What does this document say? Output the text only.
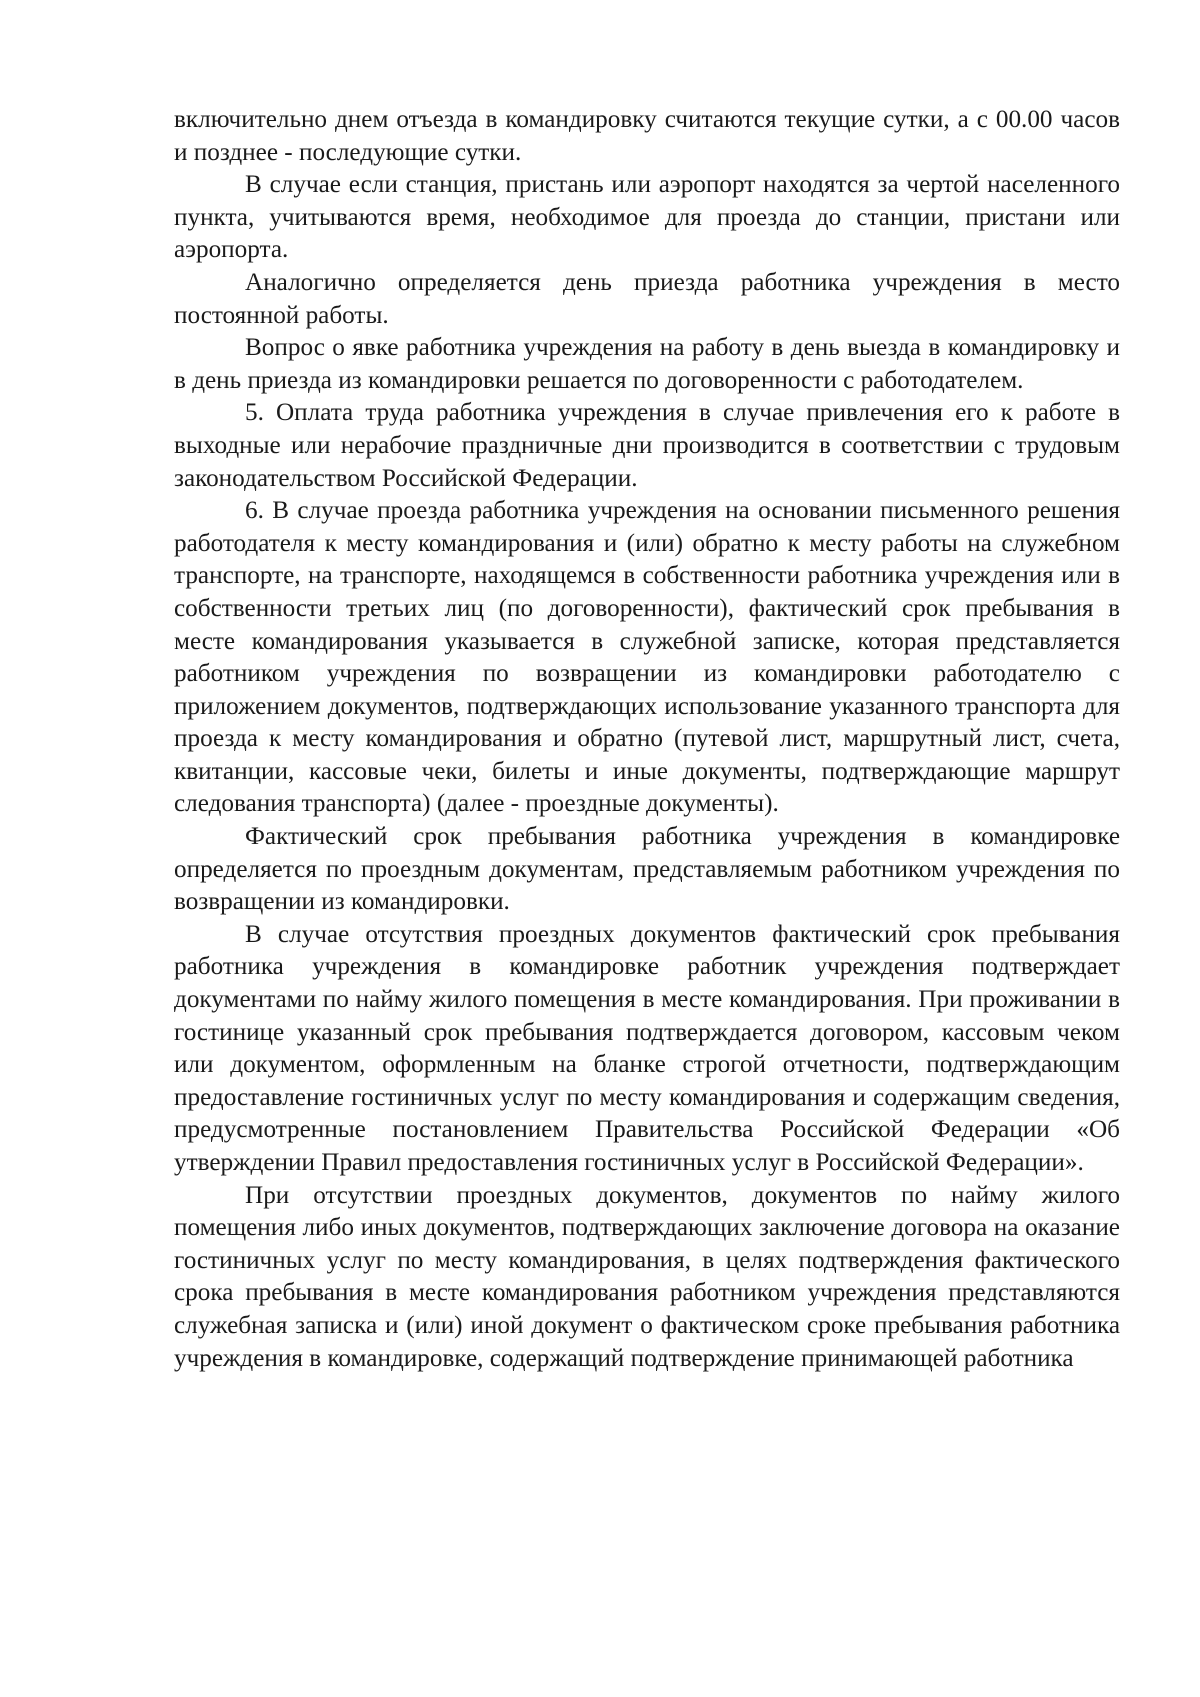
включительно днем отъезда в командировку считаются текущие сутки, а с 00.00 часов и позднее - последующие сутки.

В случае если станция, пристань или аэропорт находятся за чертой населенного пункта, учитываются время, необходимое для проезда до станции, пристани или аэропорта.

Аналогично определяется день приезда работника учреждения в место постоянной работы.

Вопрос о явке работника учреждения на работу в день выезда в командировку и в день приезда из командировки решается по договоренности с работодателем.

5. Оплата труда работника учреждения в случае привлечения его к работе в выходные или нерабочие праздничные дни производится в соответствии с трудовым законодательством Российской Федерации.

6. В случае проезда работника учреждения на основании письменного решения работодателя к месту командирования и (или) обратно к месту работы на служебном транспорте, на транспорте, находящемся в собственности работника учреждения или в собственности третьих лиц (по договоренности), фактический срок пребывания в месте командирования указывается в служебной записке, которая представляется работником учреждения по возвращении из командировки работодателю с приложением документов, подтверждающих использование указанного транспорта для проезда к месту командирования и обратно (путевой лист, маршрутный лист, счета, квитанции, кассовые чеки, билеты и иные документы, подтверждающие маршрут следования транспорта) (далее - проездные документы).

Фактический срок пребывания работника учреждения в командировке определяется по проездным документам, представляемым работником учреждения по возвращении из командировки.

В случае отсутствия проездных документов фактический срок пребывания работника учреждения в командировке работник учреждения подтверждает документами по найму жилого помещения в месте командирования. При проживании в гостинице указанный срок пребывания подтверждается договором, кассовым чеком или документом, оформленным на бланке строгой отчетности, подтверждающим предоставление гостиничных услуг по месту командирования и содержащим сведения, предусмотренные постановлением Правительства Российской Федерации «Об утверждении Правил предоставления гостиничных услуг в Российской Федерации».

При отсутствии проездных документов, документов по найму жилого помещения либо иных документов, подтверждающих заключение договора на оказание гостиничных услуг по месту командирования, в целях подтверждения фактического срока пребывания в месте командирования работником учреждения представляются служебная записка и (или) иной документ о фактическом сроке пребывания работника учреждения в командировке, содержащий подтверждение принимающей работника
